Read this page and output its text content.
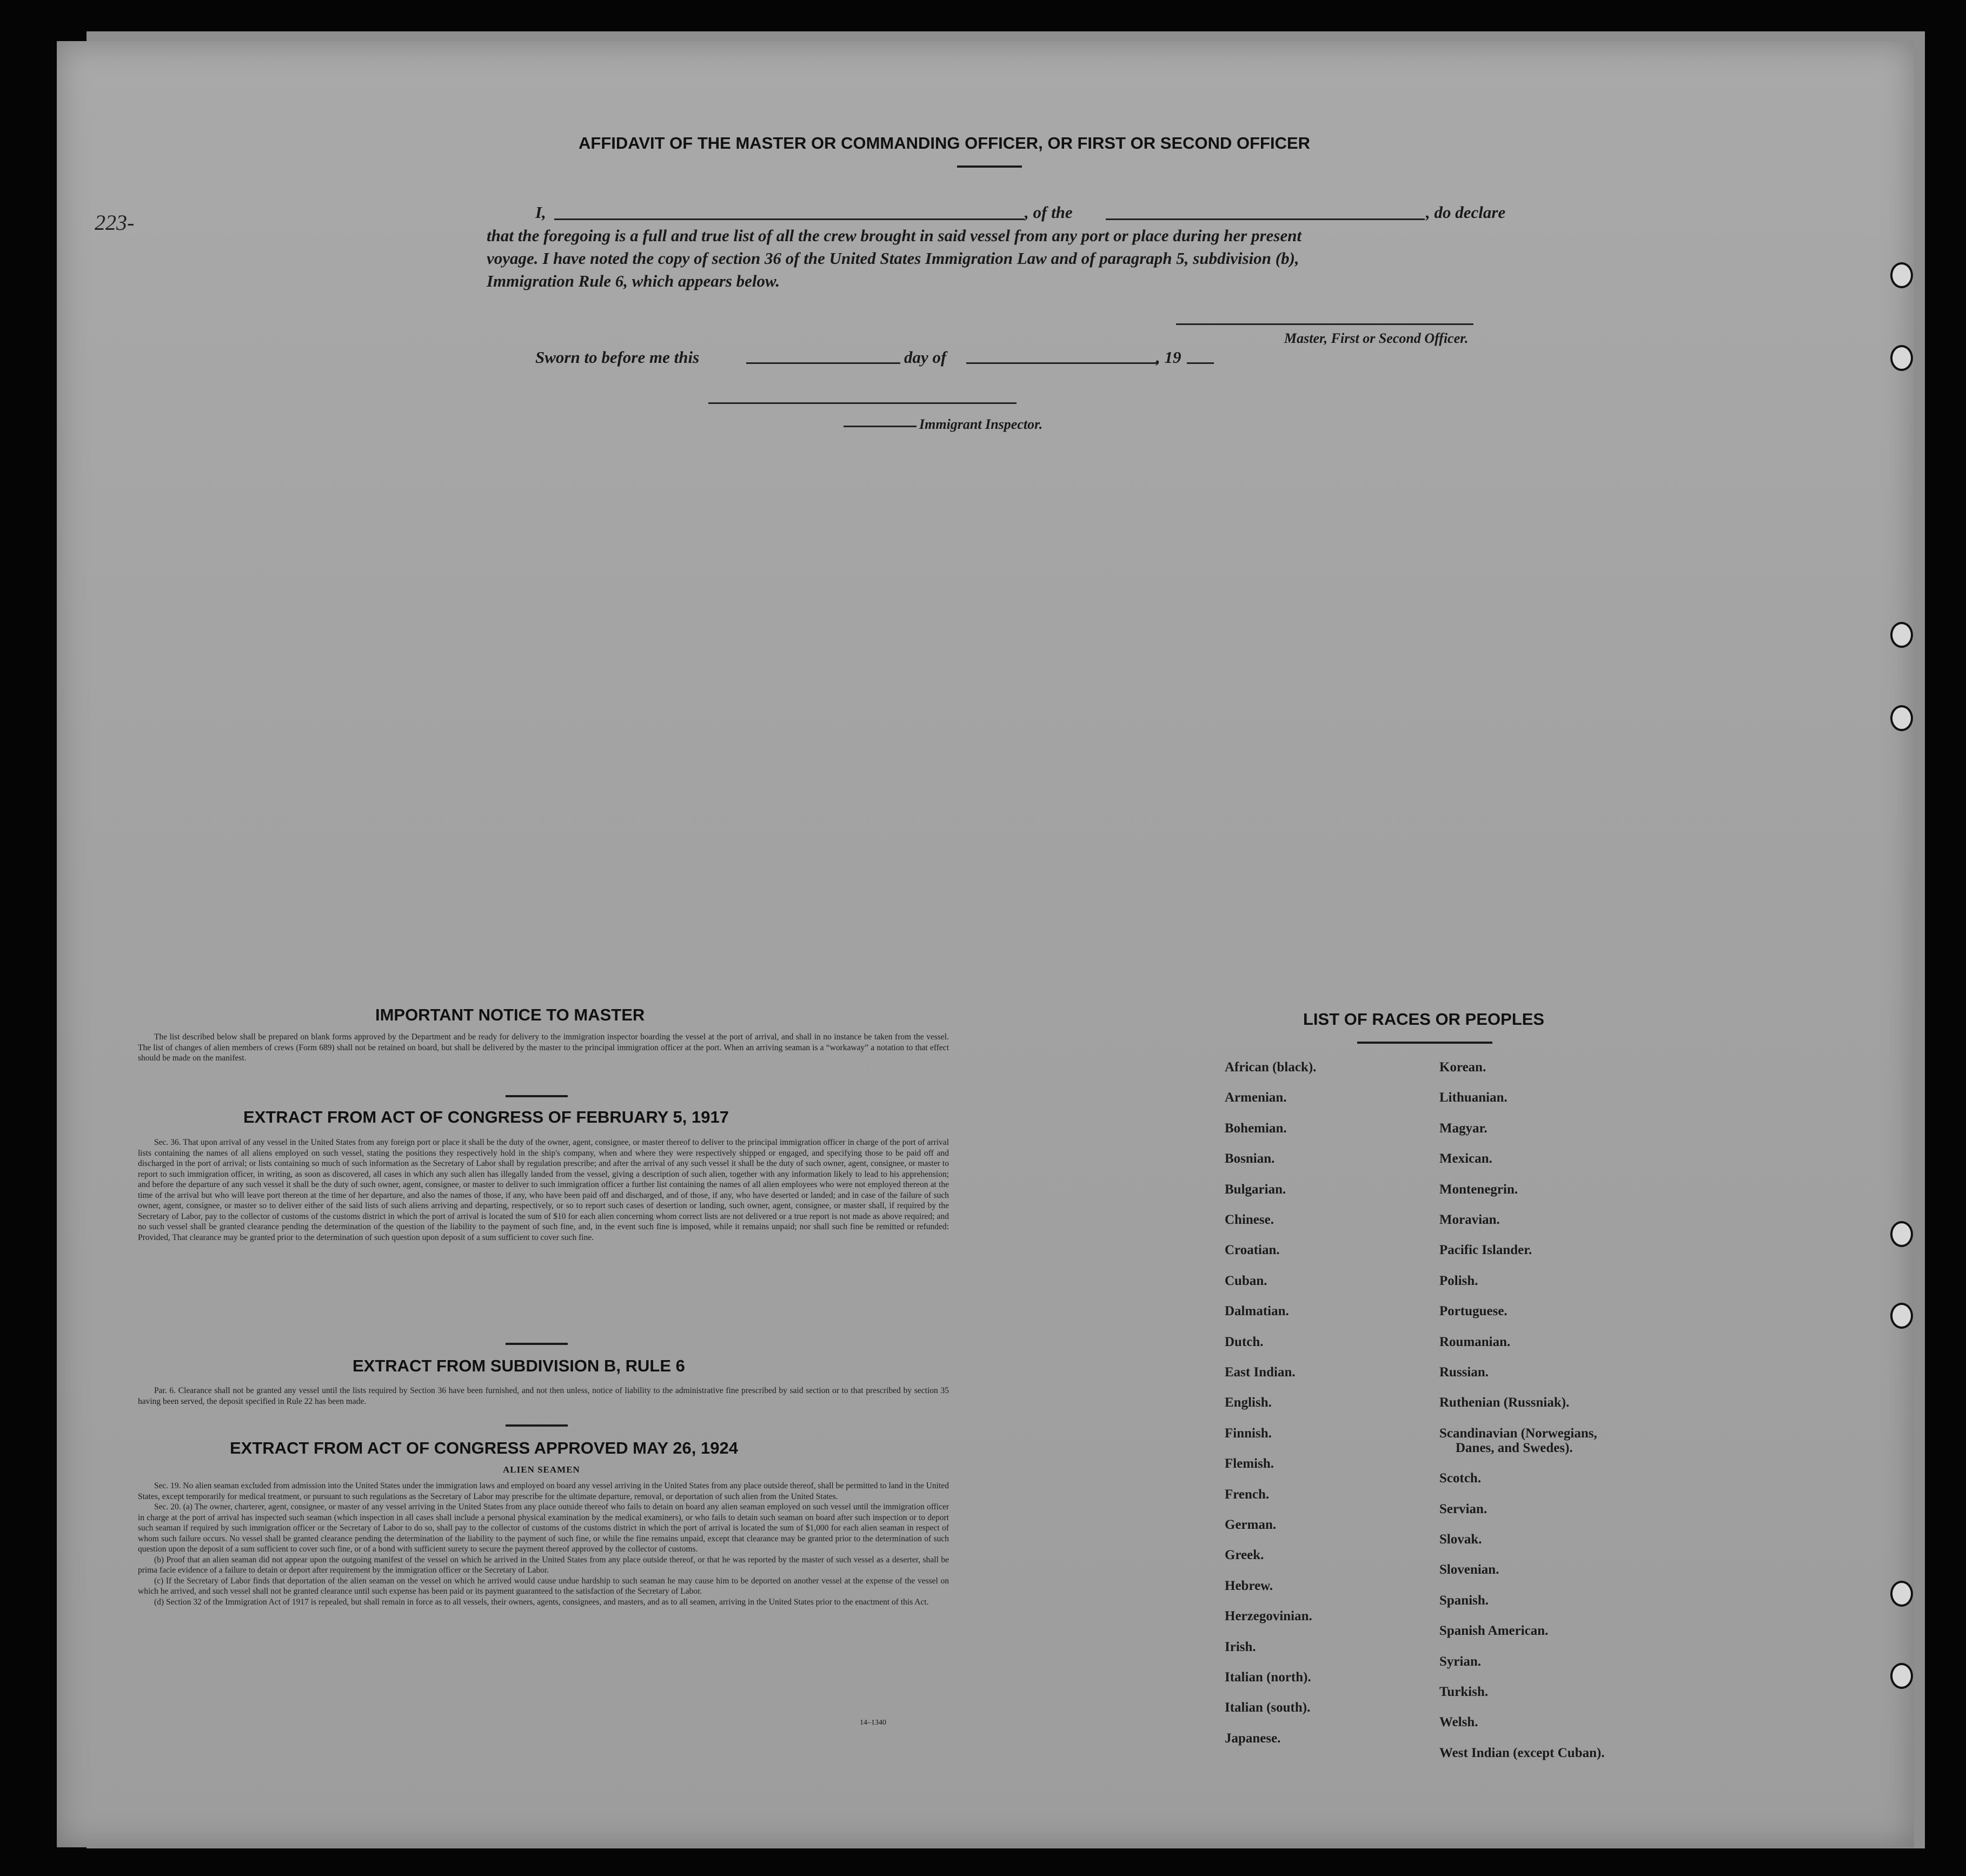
223-
AFFIDAVIT OF THE MASTER OR COMMANDING OFFICER, OR FIRST OR SECOND OFFICER
I,	, of the	, do declare
that the foregoing is a full and true list of all the crew brought in said vessel from any port or place during her present
voyage. I have noted the copy of section 36 of the United States Immigration Law and of paragraph 5, subdivision (b),
Immigration Rule 6, which appears below.
Master, First or Second Officer.
Sworn to before me this	day of	, 19
Immigrant Inspector.
IMPORTANT NOTICE TO MASTER

The list described below shall be prepared on blank forms approved by the Department and be ready for delivery to the immigration inspector boarding the vessel at the port of arrival, and shall in no instance be taken from the vessel. The list of changes of alien members of crews (Form 689) shall not be retained on board, but shall be delivered by the master to the principal immigration officer at the port. When an arriving seaman is a “workaway” a notation to that effect should be made on the manifest.

EXTRACT FROM ACT OF CONGRESS OF FEBRUARY 5, 1917

Sec. 36. That upon arrival of any vessel in the United States from any foreign port or place it shall be the duty of the owner, agent, consignee, or master thereof to deliver to the principal immigration officer in charge of the port of arrival lists containing the names of all aliens employed on such vessel, stating the positions they respectively hold in the ship's company, when and where they were respectively shipped or engaged, and specifying those to be paid off and discharged in the port of arrival; or lists containing so much of such information as the Secretary of Labor shall by regulation prescribe; and after the arrival of any such vessel it shall be the duty of such owner, agent, consignee, or master to report to such immigration officer, in writing, as soon as discovered, all cases in which any such alien has illegally landed from the vessel, giving a description of such alien, together with any information likely to lead to his apprehension; and before the departure of any such vessel it shall be the duty of such owner, agent, consignee, or master to deliver to such immigration officer a further list containing the names of all alien employees who were not employed thereon at the time of the arrival but who will leave port thereon at the time of her departure, and also the names of those, if any, who have been paid off and discharged, and of those, if any, who have deserted or landed; and in case of the failure of such owner, agent, consignee, or master so to deliver either of the said lists of such aliens arriving and departing, respectively, or so to report such cases of desertion or landing, such owner, agent, consignee, or master shall, if required by the Secretary of Labor, pay to the collector of customs of the customs district in which the port of arrival is located the sum of $10 for each alien concerning whom correct lists are not delivered or a true report is not made as above required; and no such vessel shall be granted clearance pending the determination of the question of the liability to the payment of such fine, and, in the event such fine is imposed, while it remains unpaid; nor shall such fine be remitted or refunded: Provided, That clearance may be granted prior to the determination of such question upon deposit of a sum sufficient to cover such fine.

EXTRACT FROM SUBDIVISION B, RULE 6

Par. 6. Clearance shall not be granted any vessel until the lists required by Section 36 have been furnished, and not then unless, notice of liability to the administrative fine prescribed by said section or to that prescribed by section 35 having been served, the deposit specified in Rule 22 has been made.

EXTRACT FROM ACT OF CONGRESS APPROVED MAY 26, 1924
ALIEN SEAMEN

Sec. 19. No alien seaman excluded from admission into the United States under the immigration laws and employed on board any vessel arriving in the United States from any place outside thereof, shall be permitted to land in the United States, except temporarily for medical treatment, or pursuant to such regulations as the Secretary of Labor may prescribe for the ultimate departure, removal, or deportation of such alien from the United States.

Sec. 20. (a) The owner, charterer, agent, consignee, or master of any vessel arriving in the United States from any place outside thereof who fails to detain on board any alien seaman employed on such vessel until the immigration officer in charge at the port of arrival has inspected such seaman (which inspection in all cases shall include a personal physical examination by the medical examiners), or who fails to detain such seaman on board after such inspection or to deport such seaman if required by such immigration officer or the Secretary of Labor to do so, shall pay to the collector of customs of the customs district in which the port of arrival is located the sum of $1,000 for each alien seaman in respect of whom such failure occurs. No vessel shall be granted clearance pending the determination of the liability to the payment of such fine, or while the fine remains unpaid, except that clearance may be granted prior to the determination of such question upon the deposit of a sum sufficient to cover such fine, or of a bond with sufficient surety to secure the payment thereof approved by the collector of customs.

(b) Proof that an alien seaman did not appear upon the outgoing manifest of the vessel on which he arrived in the United States from any place outside thereof, or that he was reported by the master of such vessel as a deserter, shall be prima facie evidence of a failure to detain or deport after requirement by the immigration officer or the Secretary of Labor.

(c) If the Secretary of Labor finds that deportation of the alien seaman on the vessel on which he arrived would cause undue hardship to such seaman he may cause him to be deported on another vessel at the expense of the vessel on which he arrived, and such vessel shall not be granted clearance until such expense has been paid or its payment guaranteed to the satisfaction of the Secretary of Labor.

(d) Section 32 of the Immigration Act of 1917 is repealed, but shall remain in force as to all vessels, their owners, agents, consignees, and masters, and as to all seamen, arriving in the United States prior to the enactment of this Act.

14–1340
LIST OF RACES OR PEOPLES
African (black).
Armenian.
Bohemian.
Bosnian.
Bulgarian.
Chinese.
Croatian.
Cuban.
Dalmatian.
Dutch.
East Indian.
English.
Finnish.
Flemish.
French.
German.
Greek.
Hebrew.
Herzegovinian.
Irish.
Italian (north).
Italian (south).
Japanese.
Korean.
Lithuanian.
Magyar.
Mexican.
Montenegrin.
Moravian.
Pacific Islander.
Polish.
Portuguese.
Roumanian.
Russian.
Ruthenian (Russniak).
Scandinavian (Norwegians,
Danes, and Swedes).
Scotch.
Servian.
Slovak.
Slovenian.
Spanish.
Spanish American.
Syrian.
Turkish.
Welsh.
West Indian (except Cuban).
